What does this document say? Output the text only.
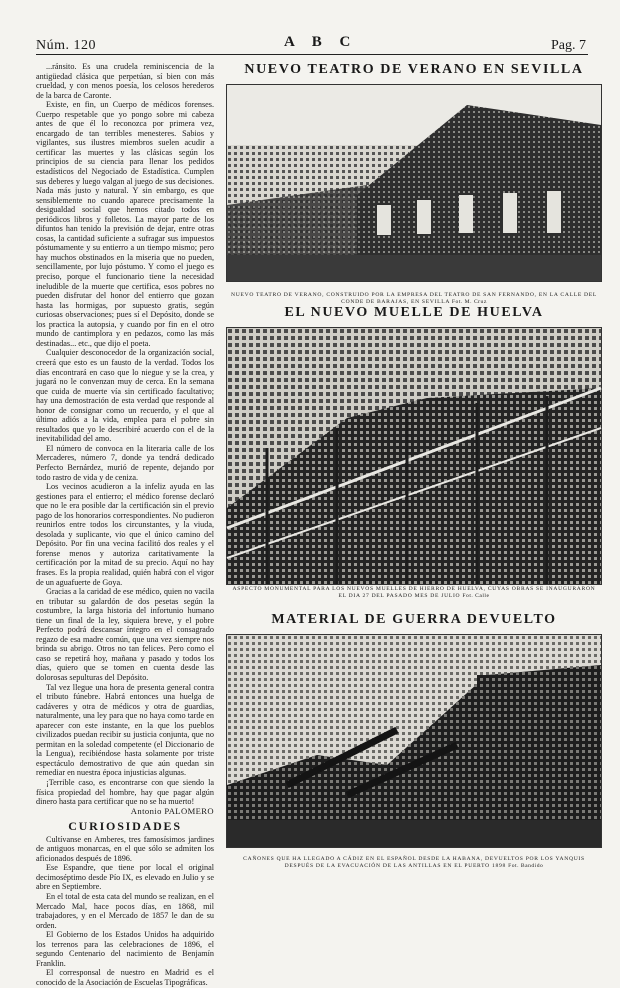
Núm. 120	A B C	Pag. 7

...ránsito. Es una crudela reminiscencia de la antigüedad clásica que perpetúan, sí bien con más crueldad, y con menos poesía, los celosos herederos de la barca de Caronte.

Existe, en fin, un Cuerpo de médicos forenses. Cuerpo respetable que yo pongo sobre mi cabeza antes de que él lo reconozca por primera vez, encargado de tan terribles menesteres. Sabios y vigilantes, sus ilustres miembros suelen acudir a certificar las muertes y las clásicas según los principios de su ciencia para llenar los pedidos estadísticos del Negociado de Estadística. Cumplen sus deberes y luego valgan al juego de sus decisiones. Nada más justo y natural. Y sin embargo, es que sensiblemente no cuando aparece precisamente la desigualdad social que hemos citado todos en periódicos libros y folletos. La mayor parte de los difuntos han tenido la previsión de dejar, entre otras cosas, la cantidad suficiente a sufragar sus impuestos póstumamente y su entierro a un tiempo mismo; pero hay muchos obstinados en la miseria que no pueden, sencillamente, por lujo póstumo. Y como el juego es preciso, porque el funcionario tiene la necesidad ineludible de la muerte que certifica, esos pobres no pueden disfrutar del honor del entierro que gozan hasta las hormigas, por supuesto gratis, según curiosas observaciones; pues sí el Depósito, donde se los practica la autopsia, y cuando por fin en el otro mundo de cantimplora y en pedazos, como las más destinadas... etc., que dijo el poeta.

Cualquier desconocedor de la organización social, creerá que esto es un fausto de la verdad. Todos los días encontrará en caso que lo niegue y se la crea, y jugará no le convenzan muy de cerca. En la semana que cuida de muerte vía sin certificado facultativo; hay una demostración de esta verdad que responde al honor de consignar como un recuerdo, y el que al último adiós a la vida, emplea para el pobre sin resultados que yo le describiré acuerdo con el de la inevitabilidad del amo.

El número de convoca en la literaria calle de los Mercaderes, número 7, donde ya tendrá dedicado Perfecto Bernárdez, murió de repente, dejando por todo rastro de vida y de ceniza.

Los vecinos acudieron a la infeliz ayuda en las gestiones para el entierro; el médico forense declaró que no le era posible dar la certificación sin el previo pago de los honorarios correspondientes. No pudieron reunirlos entre todos los circunstantes, y la viuda, desolada y suplicante, vio que el único camino del Depósito. Por fin una vecina facilitó dos reales y el forense menos y autoriza caritativamente la certificación por la mitad de su precio. Aquí no hay frases. Es la propia realidad, quién habrá con el vigor de un aguafuerte de Goya.

Gracias a la caridad de ese médico, quien no vacila en tributar su galardón de dos pesetas según la costumbre, la larga historia del infortunio humano tiene un final de la ley, siquiera breve, y el pobre Perfecto podrá descansar íntegro en el consagrado regazo de esa madre común, que una vez siempre nos brinda su abrigo. Otros no tan felices. Pero como el caso se repetirá hoy, mañana y pasado y todos los días, quiero que se tomen en cuenta desde las dolorosas sepulturas del Depósito.

Tal vez llegue una hora de presenta general contra el tributo fúnebre. Habrá entonces una huelga de cadáveres y otra de médicos y otra de guardias, naturalmente, una ley para que no haya como tarde en aparecer con este instante, en la que los pueblos civilizados puedan recibir su justicia conjunta, que no permitan en la soledad competente (el Diccionario de la Lengua), recibiéndose hasta solamente por triste espectáculo demostrativo de que aún quedan sin remediar en nuestra época injusticias algunas.

¡Terrible caso, es encontrarse con que siendo la física propiedad del hombre, hay que pagar algún dinero hasta para certificar que no se ha muerto!

Antonio PALOMERO
CURIOSIDADES

Cultívanse en Amberes, tres famosísimos jardines de antiguos monarcas, en el que sólo se admiten los aficionados después de 1896.

Ese Espandre, que tiene por local el original decimoséptimo desde Pío IX, es elevado en Julio y se abre en Septiembre.

En el total de esta cata del mundo se realizan, en el Mercado Mal, hace pocos días, en 1868, mil trabajadores, y en el Mercado de 1857 le dan de su orden.

El Gobierno de los Estados Unidos ha adquirido los terrenos para las celebraciones de 1896, el segundo Centenario del nacimiento de Benjamín Franklin.

El corresponsal de nuestro en Madrid es el conocido de la Asociación de Escuelas Tipográficas.

NUEVO TEATRO DE VERANO EN SEVILLA
NUEVO TEATRO DE VERANO, CONSTRUIDO POR LA EMPRESA DEL TEATRO DE SAN FERNANDO, EN LA CALLE DEL CONDE DE BARAJAS, EN SEVILLA Fot. M. Cruz
EL NUEVO MUELLE DE HUELVA
ASPECTO MONUMENTAL PARA LOS NUEVOS MUELLES DE HIERRO DE HUELVA, CUYAS OBRAS SE INAUGURARON EL DIA 27 DEL PASADO MES DE JULIO Fot. Calle
MATERIAL DE GUERRA DEVUELTO
CAÑONES QUE HA LLEGADO A CÁDIZ EN EL ESPAÑOL DESDE LA HABANA, DEVUELTOS POR LOS YANQUIS DESPUÉS DE LA EVACUACIÓN DE LAS ANTILLAS EN EL PUERTO 1898 Fot. Bandido
